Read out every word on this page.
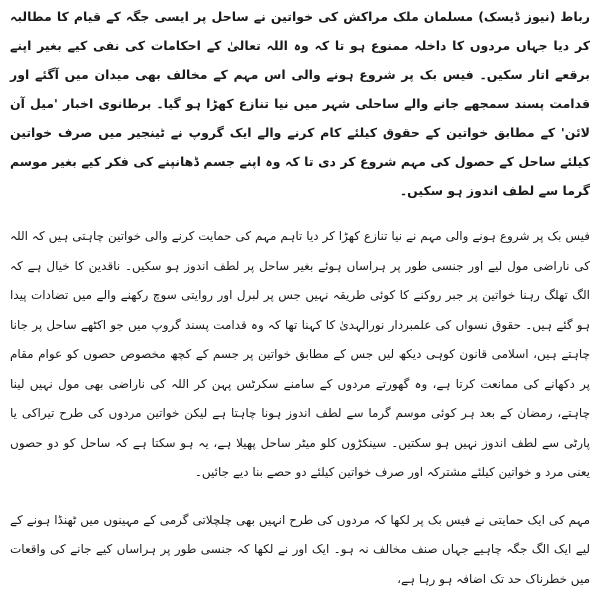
رباط (نیوز ڈیسک) مسلمان ملک مراکش کی خواتین نے ساحل پر ایسی جگہ کے قیام کا مطالبہ کر دیا جہاں مردوں کا داخلہ ممنوع ہو تا کہ وہ اللہ تعالیٰ کے احکامات کی نفی کیے بغیر اپنے برقعے اتار سکیں۔ فیس بک پر شروع ہونے والی اس مہم کے مخالف بھی میدان میں آگئے اور قدامت پسند سمجھے جانے والے ساحلی شہر میں نیا تنازع کھڑا ہو گیا۔ برطانوی اخبار 'میل آن لائن' کے مطابق خواتین کے حقوق کیلئے کام کرنے والے ایک گروپ نے ٹینجیر میں صرف خواتین کیلئے ساحل کے حصول کی مہم شروع کر دی تا کہ وہ اپنے جسم ڈھانپنے کی فکر کیے بغیر موسم گرما سے لطف اندوز ہو سکیں۔

فیس بک پر شروع ہونے والی مہم نے نیا تنازع کھڑا کر دیا تاہم مہم کی حمایت کرنے والی خواتین چاہتی ہیں کہ اللہ کی ناراضی مول لیے اور جنسی طور پر ہراساں ہوئے بغیر ساحل پر لطف اندوز ہو سکیں۔ ناقدین کا خیال ہے کہ الگ تھلگ رہنا خواتین پر جبر روکنے کا کوئی طریقہ نہیں جس پر لبرل اور روایتی سوچ رکھنے والے میں تضادات پیدا ہو گئے ہیں۔ حقوق نسواں کی علمبردار نورالہدیٰ کا کہنا تھا کہ وہ قدامت پسند گروپ میں جو اکٹھے ساحل پر جانا چاہتے ہیں، اسلامی قانون کوہی دیکھ لیں جس کے مطابق خواتین پر جسم کے کچھ مخصوص حصوں کو عوام مقام پر دکھانے کی ممانعت کرتا ہے، وہ گھورتے مردوں کے سامنے سکرٹس پہن کر اللہ کی ناراضی بھی مول نہیں لینا چاہتے، رمضان کے بعد ہر کوئی موسم گرما سے لطف اندوز ہونا چاہتا ہے لیکن خواتین مردوں کی طرح تیراکی یا پارٹی سے لطف اندوز نہیں ہو سکتیں۔ سینکڑوں کلو میٹر ساحل پھیلا ہے، یہ ہو سکتا ہے کہ ساحل کو دو حصوں یعنی مرد و خواتین کیلئے مشترکہ اور صرف خواتین کیلئے دو حصے بنا دیے جائیں۔

مہم کی ایک حمایتی نے فیس بک پر لکھا کہ مردوں کی طرح انہیں بھی چلچلاتی گرمی کے مہینوں میں ٹھنڈا ہونے کے لیے ایک الگ جگہ چاہیے جہاں صنف مخالف نہ ہو۔ ایک اور نے لکھا کہ جنسی طور پر ہراساں کیے جانے کی واقعات میں خطرناک حد تک اضافہ ہو رہا ہے،
